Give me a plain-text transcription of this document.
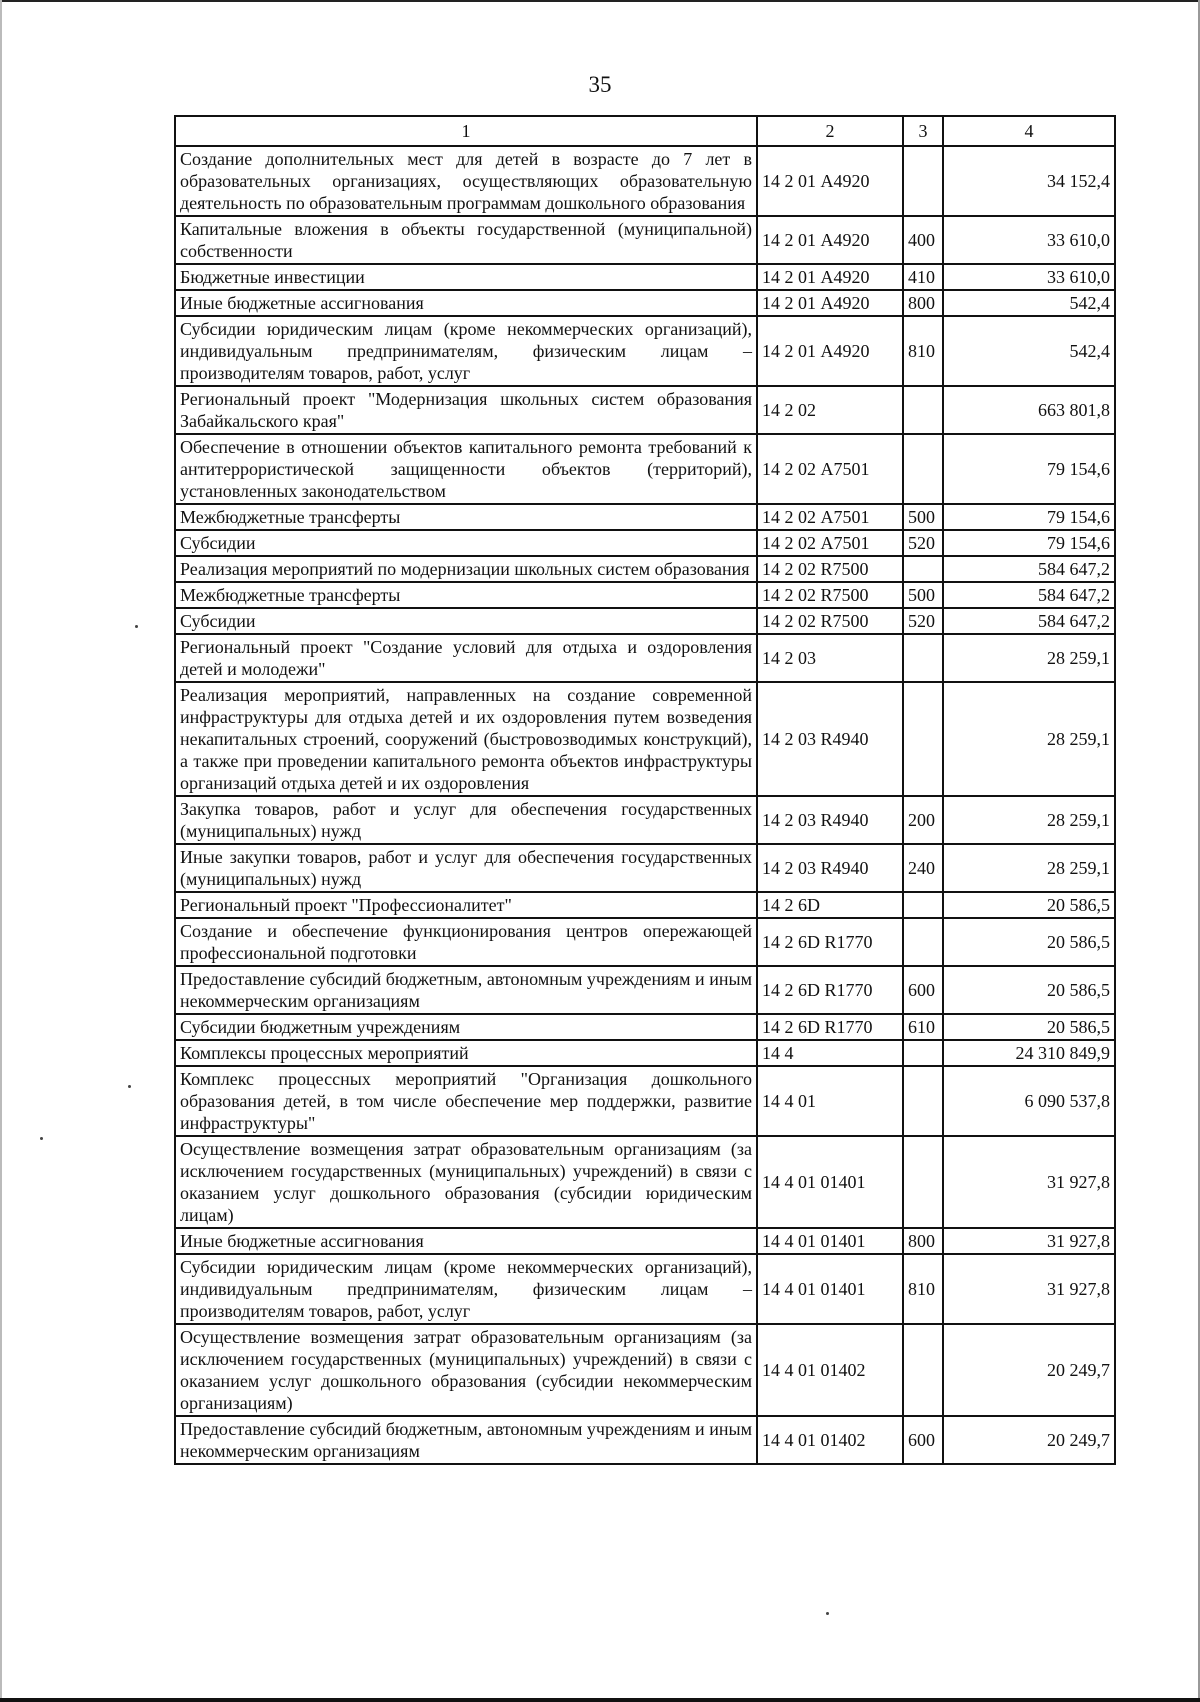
35
1	2	3	4
Создание дополнительных мест для детей в возрасте до 7 лет в образовательных организациях, осуществляющих образовательную деятельность по образовательным программам дошкольного образования	14 2 01 А4920		34 152,4
Капитальные вложения в объекты государственной (муниципальной) собственности	14 2 01 А4920	400	33 610,0
Бюджетные инвестиции	14 2 01 А4920	410	33 610,0
Иные бюджетные ассигнования	14 2 01 А4920	800	542,4
Субсидии юридическим лицам (кроме некоммерческих организаций), индивидуальным предпринимателям, физическим лицам – производителям товаров, работ, услуг	14 2 01 А4920	810	542,4
Региональный проект "Модернизация школьных систем образования Забайкальского края"	14 2 02		663 801,8
Обеспечение в отношении объектов капитального ремонта требований к антитеррористической защищенности объектов (территорий), установленных законодательством	14 2 02 А7501		79 154,6
Межбюджетные трансферты	14 2 02 А7501	500	79 154,6
Субсидии	14 2 02 А7501	520	79 154,6
Реализация мероприятий по модернизации школьных систем образования	14 2 02 R7500		584 647,2
Межбюджетные трансферты	14 2 02 R7500	500	584 647,2
Субсидии	14 2 02 R7500	520	584 647,2
Региональный проект "Создание условий для отдыха и оздоровления детей и молодежи"	14 2 03		28 259,1
Реализация мероприятий, направленных на создание современной инфраструктуры для отдыха детей и их оздоровления путем возведения некапитальных строений, сооружений (быстровозводимых конструкций), а также при проведении капитального ремонта объектов инфраструктуры организаций отдыха детей и их оздоровления	14 2 03 R4940		28 259,1
Закупка товаров, работ и услуг для обеспечения государственных (муниципальных) нужд	14 2 03 R4940	200	28 259,1
Иные закупки товаров, работ и услуг для обеспечения государственных (муниципальных) нужд	14 2 03 R4940	240	28 259,1
Региональный проект "Профессионалитет"	14 2 6D		20 586,5
Создание и обеспечение функционирования центров опережающей профессиональной подготовки	14 2 6D R1770		20 586,5
Предоставление субсидий бюджетным, автономным учреждениям и иным некоммерческим организациям	14 2 6D R1770	600	20 586,5
Субсидии бюджетным учреждениям	14 2 6D R1770	610	20 586,5
Комплексы процессных мероприятий	14 4		24 310 849,9
Комплекс процессных мероприятий "Организация дошкольного образования детей, в том числе обеспечение мер поддержки, развитие инфраструктуры"	14 4 01		6 090 537,8
Осуществление возмещения затрат образовательным организациям (за исключением государственных (муниципальных) учреждений) в связи с оказанием услуг дошкольного образования (субсидии юридическим лицам)	14 4 01 01401		31 927,8
Иные бюджетные ассигнования	14 4 01 01401	800	31 927,8
Субсидии юридическим лицам (кроме некоммерческих организаций), индивидуальным предпринимателям, физическим лицам – производителям товаров, работ, услуг	14 4 01 01401	810	31 927,8
Осуществление возмещения затрат образовательным организациям (за исключением государственных (муниципальных) учреждений) в связи с оказанием услуг дошкольного образования (субсидии некоммерческим организациям)	14 4 01 01402		20 249,7
Предоставление субсидий бюджетным, автономным учреждениям и иным некоммерческим организациям	14 4 01 01402	600	20 249,7
